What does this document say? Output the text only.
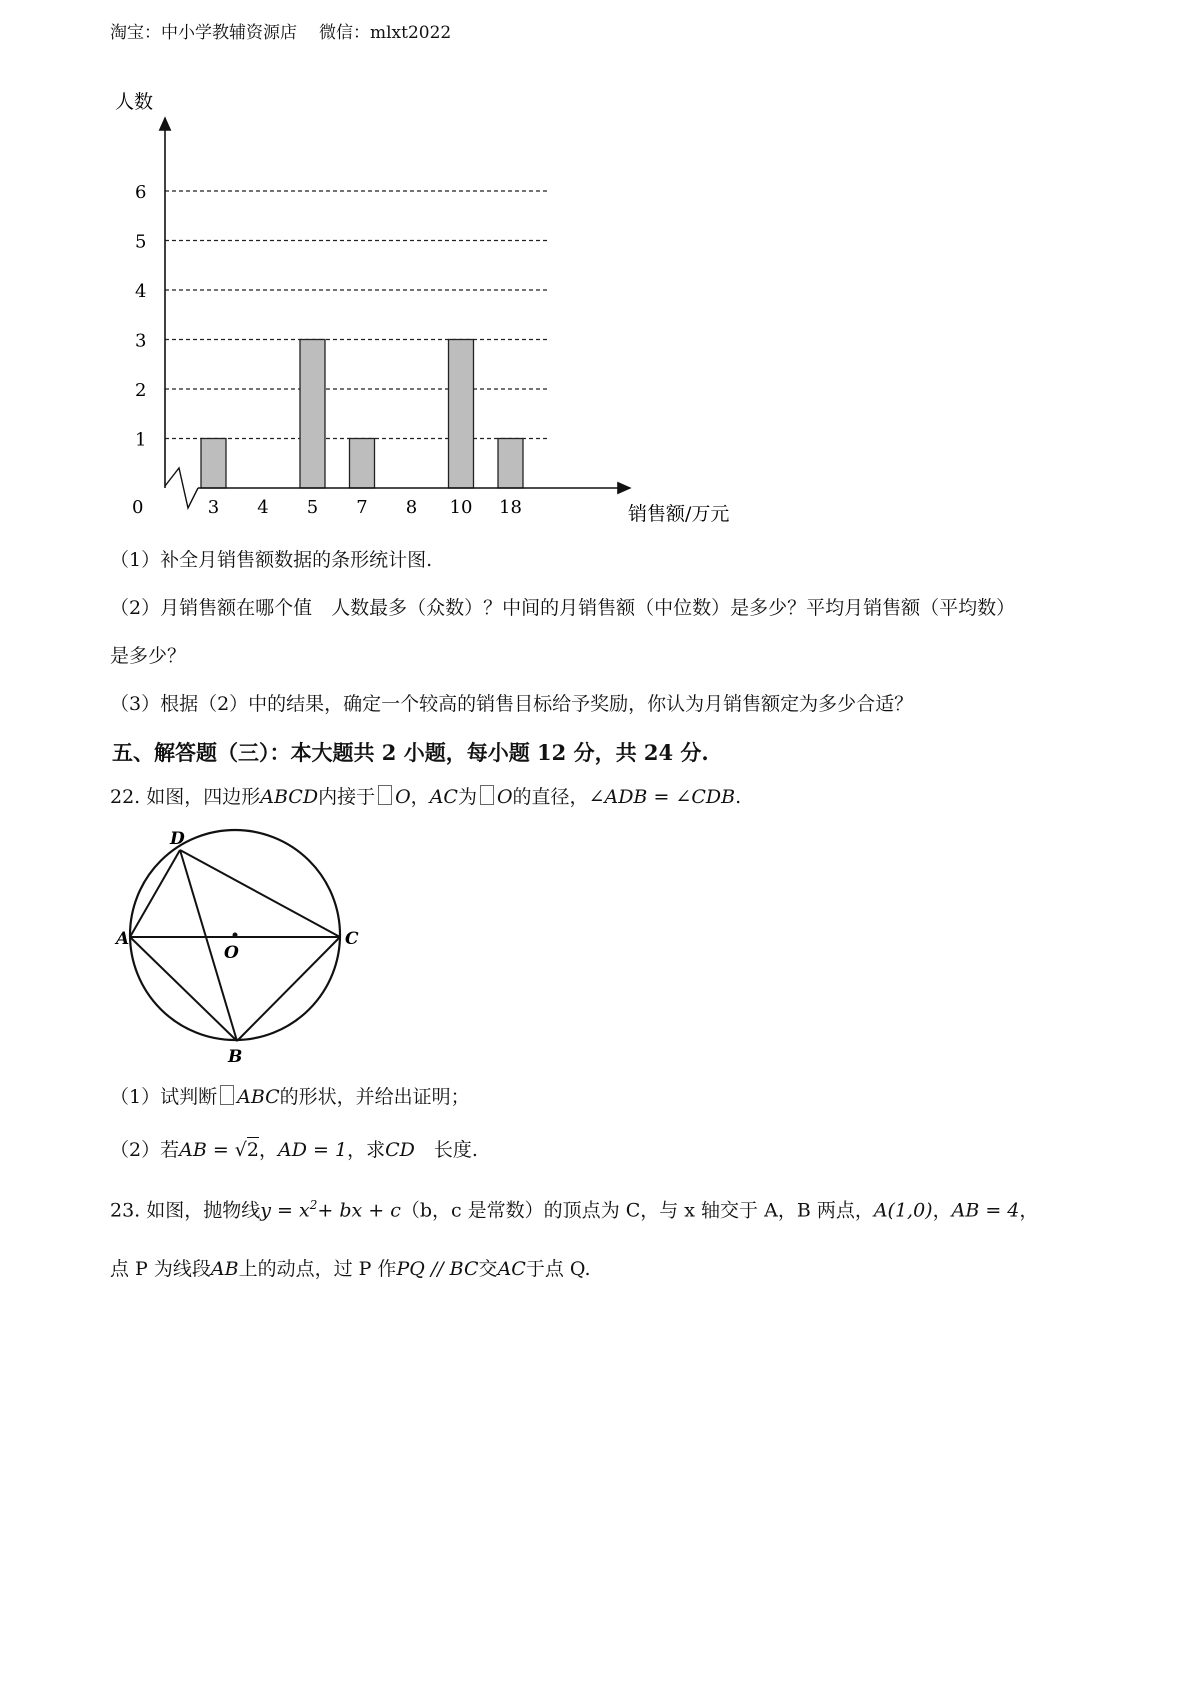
淘宝：中小学教辅资源店 微信：mlxt2022
1
2
3
4
5
6
3 4 5 7 8 10 18
人数
销售额/万元
0
（1）补全月销售额数据的条形统计图.
（2）月销售额在哪个值　人数最多（众数）？中间的月销售额（中位数）是多少？平均月销售额（平均数）
是多少？
（3）根据（2）中的结果，确定一个较高的销售目标给予奖励，你认为月销售额定为多少合适？
五、解答题（三）：本大题共 2 小题，每小题 12 分，共 24 分.
22. 如图，四边形ABCD内接于 O，AC为 O的直径，∠ADB = ∠CDB.
D
A	C
O
B
（1）试判断 ABC的形状，并给出证明；
（2）若AB = √2，AD = 1，求CD　长度.
23. 如图，抛物线$y = x^2+$ bx + c（b，c 是常数）的顶点为 C，与 x 轴交于 A，B 两点，A(1,0)，AB = 4，
点 P 为线段AB上的动点，过 P 作PQ // BC交AC于点 Q.
